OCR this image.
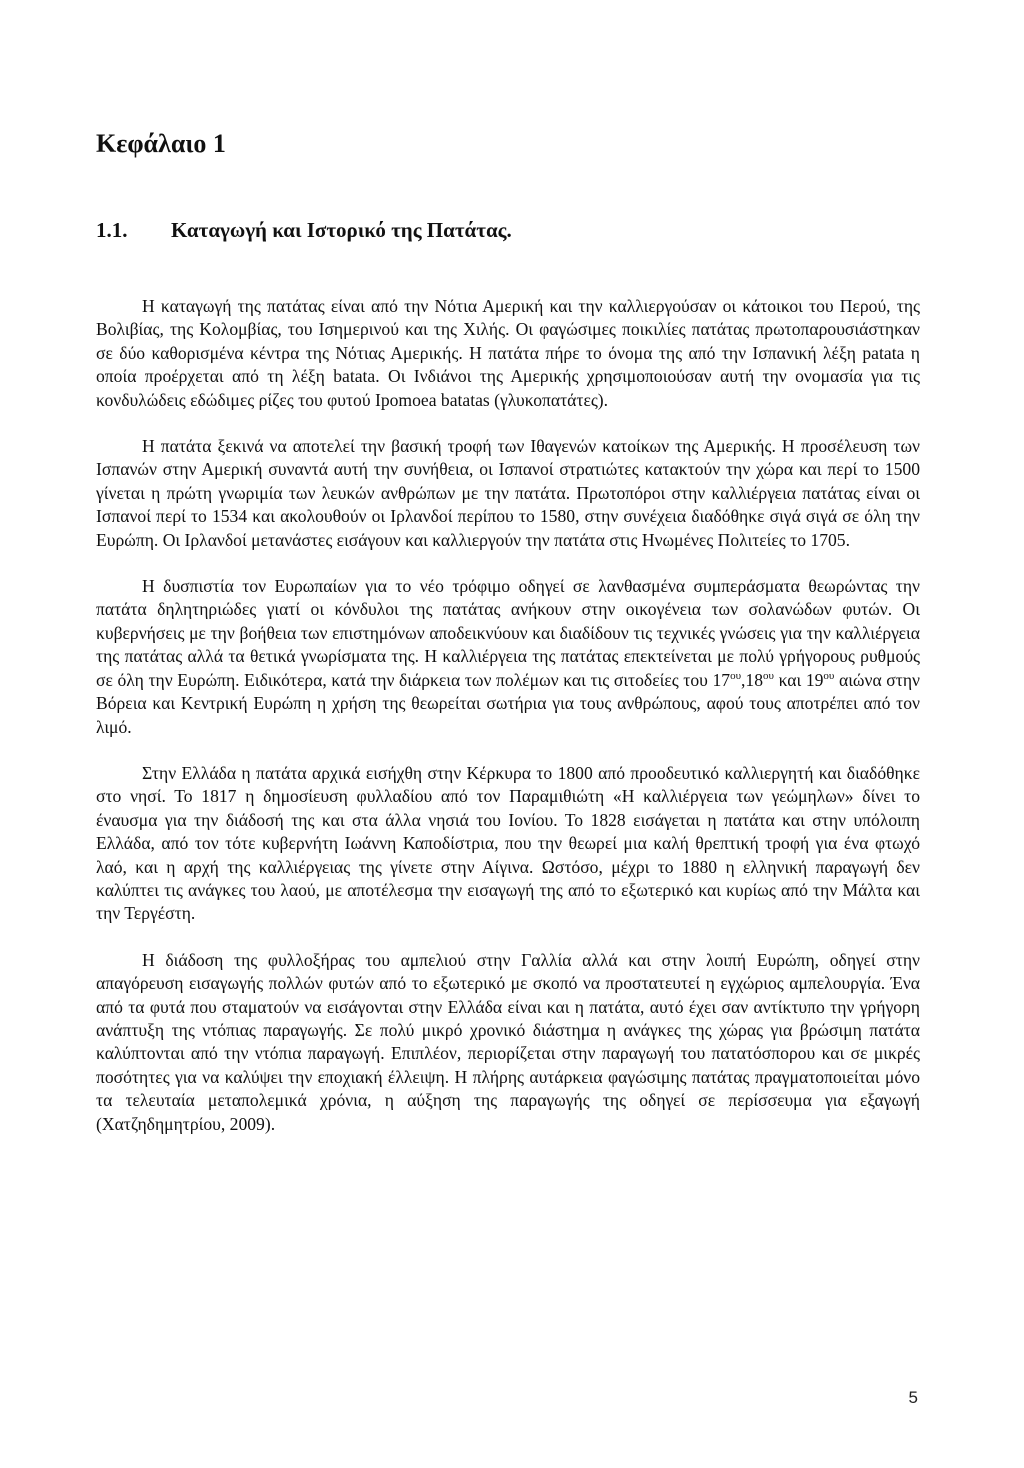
Κεφάλαιο 1
1.1. Καταγωγή και Ιστορικό της Πατάτας.

Η καταγωγή της πατάτας είναι από την Νότια Αμερική και την καλλιεργούσαν οι κάτοικοι του Περού, της Βολιβίας, της Κολομβίας, του Ισημερινού και της Χιλής. Οι φαγώσιμες ποικιλίες πατάτας πρωτοπαρουσιάστηκαν σε δύο καθορισμένα κέντρα της Νότιας Αμερικής. Η πατάτα πήρε το όνομα της από την Ισπανική λέξη patata η οποία προέρχεται από τη λέξη batata. Οι Ινδιάνοι της Αμερικής χρησιμοποιούσαν αυτή την ονομασία για τις κονδυλώδεις εδώδιμες ρίζες του φυτού Ipomoea batatas (γλυκοπατάτες).

Η πατάτα ξεκινά να αποτελεί την βασική τροφή των Ιθαγενών κατοίκων της Αμερικής. Η προσέλευση των Ισπανών στην Αμερική συναντά αυτή την συνήθεια, οι Ισπανοί στρατιώτες κατακτούν την χώρα και περί το 1500 γίνεται η πρώτη γνωριμία των λευκών ανθρώπων με την πατάτα. Πρωτοπόροι στην καλλιέργεια πατάτας είναι οι Ισπανοί περί το 1534 και ακολουθούν οι Ιρλανδοί περίπου το 1580, στην συνέχεια διαδόθηκε σιγά σιγά σε όλη την Ευρώπη. Οι Ιρλανδοί μετανάστες εισάγουν και καλλιεργούν την πατάτα στις Ηνωμένες Πολιτείες το 1705.

Η δυσπιστία τον Ευρωπαίων για το νέο τρόφιμο οδηγεί σε λανθασμένα συμπεράσματα θεωρώντας την πατάτα δηλητηριώδες γιατί οι κόνδυλοι της πατάτας ανήκουν στην οικογένεια των σολανώδων φυτών. Οι κυβερνήσεις με την βοήθεια των επιστημόνων αποδεικνύουν και διαδίδουν τις τεχνικές γνώσεις για την καλλιέργεια της πατάτας αλλά τα θετικά γνωρίσματα της. Η καλλιέργεια της πατάτας επεκτείνεται με πολύ γρήγορους ρυθμούς σε όλη την Ευρώπη. Ειδικότερα, κατά την διάρκεια των πολέμων και τις σιτοδείες του $17^{o\upsilon},18^{o\upsilon}$ και $19^{o\upsilon}$ αιώνα στην Βόρεια και Κεντρική Ευρώπη η χρήση της θεωρείται σωτήρια για τους ανθρώπους, αφού τους αποτρέπει από τον λιμό.

Στην Ελλάδα η πατάτα αρχικά εισήχθη στην Κέρκυρα το 1800 από προοδευτικό καλλιεργητή και διαδόθηκε στο νησί. Το 1817 η δημοσίευση φυλλαδίου από τον Παραμιθιώτη «Η καλλιέργεια των γεώμηλων» δίνει το έναυσμα για την διάδοσή της και στα άλλα νησιά του Ιονίου. Το 1828 εισάγεται η πατάτα και στην υπόλοιπη Ελλάδα, από τον τότε κυβερνήτη Ιωάννη Καποδίστρια, που την θεωρεί μια καλή θρεπτική τροφή για ένα φτωχό λαό, και η αρχή της καλλιέργειας της γίνετε στην Αίγινα. Ωστόσο, μέχρι το 1880 η ελληνική παραγωγή δεν καλύπτει τις ανάγκες του λαού, με αποτέλεσμα την εισαγωγή της από το εξωτερικό και κυρίως από την Μάλτα και την Τεργέστη.

Η διάδοση της φυλλοξήρας του αμπελιού στην Γαλλία αλλά και στην λοιπή Ευρώπη, οδηγεί στην απαγόρευση εισαγωγής πολλών φυτών από το εξωτερικό με σκοπό να προστατευτεί η εγχώριος αμπελουργία. Ένα από τα φυτά που σταματούν να εισάγονται στην Ελλάδα είναι και η πατάτα, αυτό έχει σαν αντίκτυπο την γρήγορη ανάπτυξη της ντόπιας παραγωγής. Σε πολύ μικρό χρονικό διάστημα η ανάγκες της χώρας για βρώσιμη πατάτα καλύπτονται από την ντόπια παραγωγή. Επιπλέον, περιορίζεται στην παραγωγή του πατατόσπορου και σε μικρές ποσότητες για να καλύψει την εποχιακή έλλειψη. Η πλήρης αυτάρκεια φαγώσιμης πατάτας πραγματοποιείται μόνο τα τελευταία μεταπολεμικά χρόνια, η αύξηση της παραγωγής της οδηγεί σε περίσσευμα για εξαγωγή (Χατζηδημητρίου, 2009).

5
